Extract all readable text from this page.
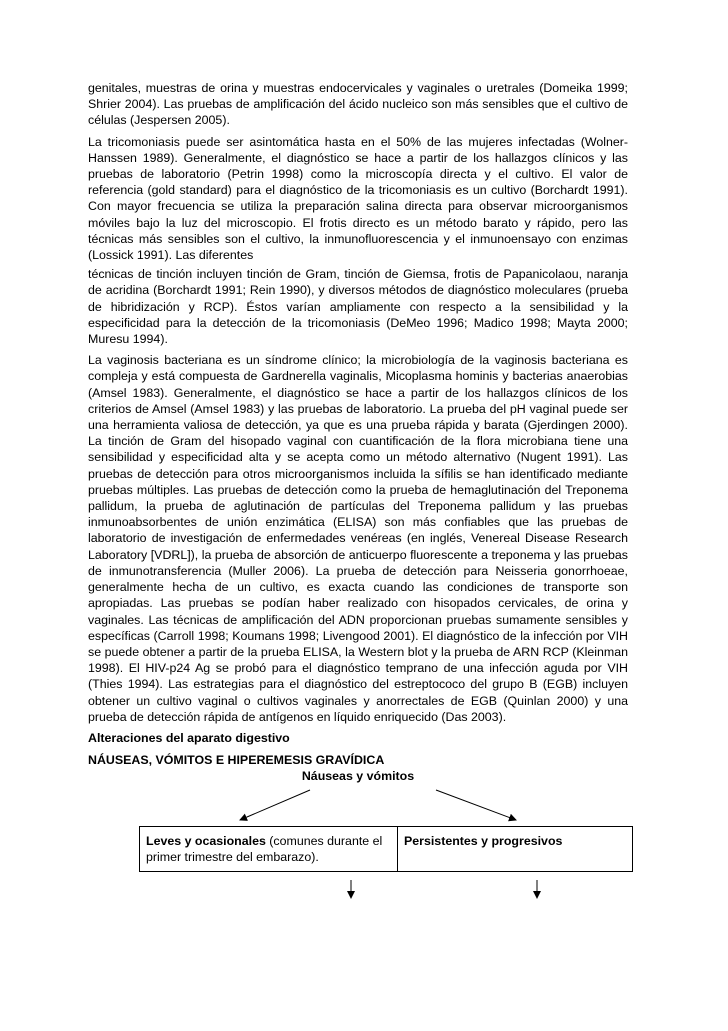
genitales, muestras de orina y muestras endocervicales y vaginales o uretrales (Domeika 1999; Shrier 2004). Las pruebas de amplificación del ácido nucleico son más sensibles que el cultivo de células (Jespersen 2005).

La tricomoniasis puede ser asintomática hasta en el 50% de las mujeres infectadas (Wolner-Hanssen 1989). Generalmente, el diagnóstico se hace a partir de los hallazgos clínicos y las pruebas de laboratorio (Petrin 1998) como la microscopía directa y el cultivo. El valor de referencia (gold standard) para el diagnóstico de la tricomoniasis es un cultivo (Borchardt 1991). Con mayor frecuencia se utiliza la preparación salina directa para observar microorganismos móviles bajo la luz del microscopio. El frotis directo es un método barato y rápido, pero las técnicas más sensibles son el cultivo, la inmunofluorescencia y el inmunoensayo con enzimas (Lossick 1991). Las diferentes

técnicas de tinción incluyen tinción de Gram, tinción de Giemsa, frotis de Papanicolaou, naranja de acridina (Borchardt 1991; Rein 1990), y diversos métodos de diagnóstico moleculares (prueba de hibridización y RCP). Éstos varían ampliamente con respecto a la sensibilidad y la especificidad para la detección de la tricomoniasis (DeMeo 1996; Madico 1998; Mayta 2000; Muresu 1994).

La vaginosis bacteriana es un síndrome clínico; la microbiología de la vaginosis bacteriana es compleja y está compuesta de Gardnerella vaginalis, Micoplasma hominis y bacterias anaerobias (Amsel 1983). Generalmente, el diagnóstico se hace a partir de los hallazgos clínicos de los criterios de Amsel (Amsel 1983) y las pruebas de laboratorio. La prueba del pH vaginal puede ser una herramienta valiosa de detección, ya que es una prueba rápida y barata (Gjerdingen 2000). La tinción de Gram del hisopado vaginal con cuantificación de la flora microbiana tiene una sensibilidad y especificidad alta y se acepta como un método alternativo (Nugent 1991). Las pruebas de detección para otros microorganismos incluida la sífilis se han identificado mediante pruebas múltiples. Las pruebas de detección como la prueba de hemaglutinación del Treponema pallidum, la prueba de aglutinación de partículas del Treponema pallidum y las pruebas inmunoabsorbentes de unión enzimática (ELISA) son más confiables que las pruebas de laboratorio de investigación de enfermedades venéreas (en inglés, Venereal Disease Research Laboratory [VDRL]), la prueba de absorción de anticuerpo fluorescente a treponema y las pruebas de inmunotransferencia (Muller 2006). La prueba de detección para Neisseria gonorrhoeae, generalmente hecha de un cultivo, es exacta cuando las condiciones de transporte son apropiadas. Las pruebas se podían haber realizado con hisopados cervicales, de orina y vaginales. Las técnicas de amplificación del ADN proporcionan pruebas sumamente sensibles y específicas (Carroll 1998; Koumans 1998; Livengood 2001). El diagnóstico de la infección por VIH se puede obtener a partir de la prueba ELISA, la Western blot y la prueba de ARN RCP (Kleinman 1998). El HIV-p24 Ag se probó para el diagnóstico temprano de una infección aguda por VIH (Thies 1994). Las estrategias para el diagnóstico del estreptococo del grupo B (EGB) incluyen obtener un cultivo vaginal o cultivos vaginales y anorrectales de EGB (Quinlan 2000) y una prueba de detección rápida de antígenos en líquido enriquecido (Das 2003).

Alteraciones del aparato digestivo
NÁUSEAS, VÓMITOS E HIPEREMESIS GRAVÍDICA
Náuseas y vómitos
Leves y ocasionales (comunes durante el primer trimestre del embarazo).
Persistentes y progresivos
